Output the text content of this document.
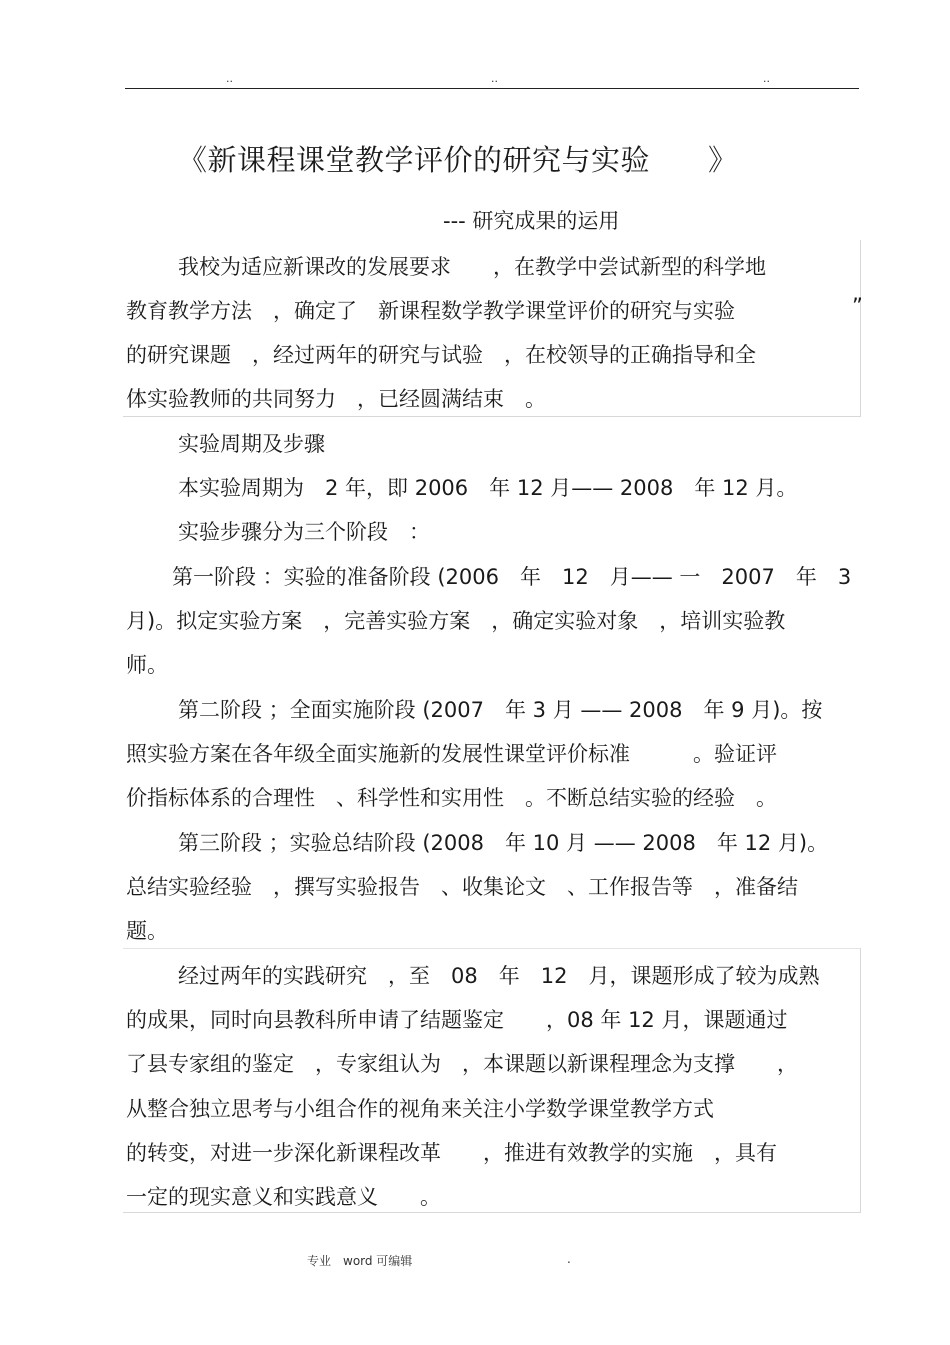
..	..	..
《新课程课堂教学评价的研究与实验 》
--- 研究成果的运用
我校为适应新课改的发展要求　　，在教学中尝试新型的科学地
教育教学方法　，确定了　新课程数学教学课堂评价的研究与实验	”
的研究课题　，经过两年的研究与试验　，在校领导的正确指导和全
体实验教师的共同努力　，已经圆满结束　。
实验周期及步骤
本实验周期为　2 年，即 2006　年 12 月—— 2008　年 12 月。
实验步骤分为三个阶段　：
第一阶段 ：实验的准备阶段 (2006　年　12　月—— 一　2007　年　3
月)。拟定实验方案　，完善实验方案　，确定实验对象　，培训实验教
师。
第二阶段 ；全面实施阶段 (2007　年 3 月 —— 2008　年 9 月)。按
照实验方案在各年级全面实施新的发展性课堂评价标准　　　。验证评
价指标体系的合理性　、科学性和实用性　。不断总结实验的经验　。
第三阶段 ；实验总结阶段 (2008　年 10 月 —— 2008　年 12 月)。
总结实验经验　，撰写实验报告　、收集论文　、工作报告等　，准备结
题。
经过两年的实践研究　，至　08　年　12　月，课题形成了较为成熟
的成果，同时向县教科所申请了结题鉴定　　，08 年 12 月，课题通过
了县专家组的鉴定　，专家组认为　，本课题以新课程理念为支撑　　，
从整合独立思考与小组合作的视角来关注小学数学课堂教学方式
的转变，对进一步深化新课程改革　　，推进有效教学的实施　，具有
一定的现实意义和实践意义　　。
专业　word 可编辑	.
